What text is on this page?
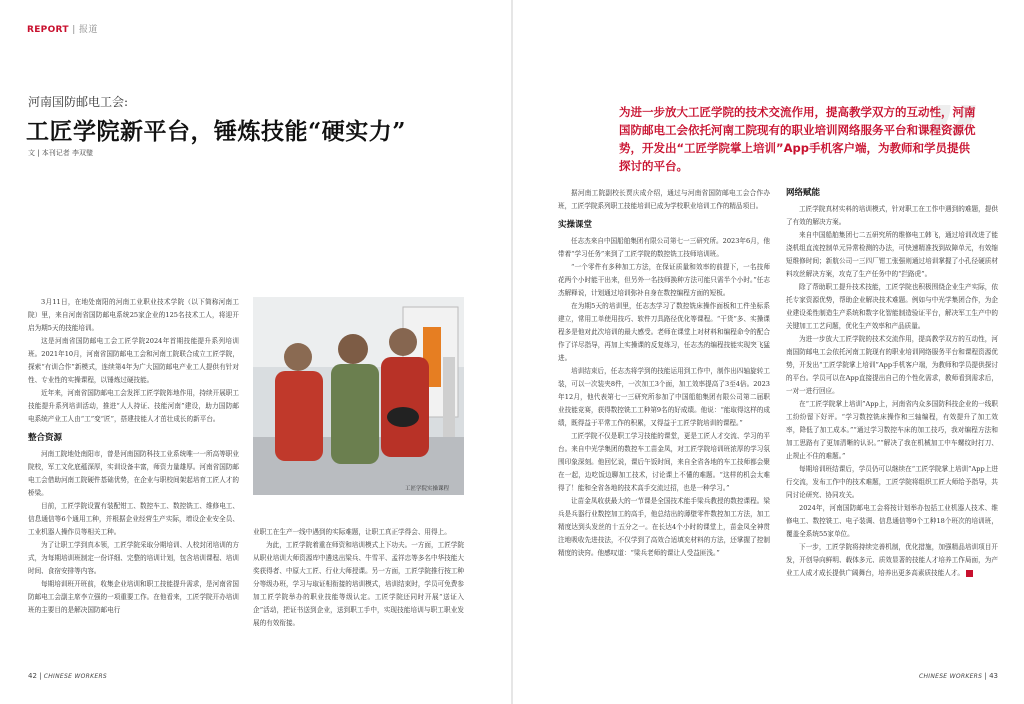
REPORT | 报道
河南国防邮电工会:
工匠学院新平台，锤炼技能“硬实力”
文 | 本刊记者 李双璧	”
为进一步放大工匠学院的技术交流作用，提高教学双方的互动性，河南国防邮电工会依托河南工院现有的职业培训网络服务平台和课程资源优势，开发出“工匠学院掌上培训”App手机客户端，为教师和学员提供探讨的平台。

3月11日，在地处南阳的河南工业职业技术学院（以下简称河南工院）里，来自河南省国防邮电系统25家企业的125名技术工人，将迎开启为期5天的技能培训。

这是河南省国防邮电工会工匠学院2024年首期技能提升系列培训班。2021年10月，河南省国防邮电工会和河南工院联合成立工匠学院，探索“有训合作”新模式，连续第4年为广大国防邮电产业工人提供有针对性、专业性的实操课程，以锤炼过硬技能。

近年来，河南省国防邮电工会发挥工匠学院阵地作用，持续开展职工技能提升系列培训活动，推进“人人持证、技能河南”建设，助力国防邮电系统产业工人由“工”变“匠”，搭建技能人才茁壮成长的新平台。

整合资源

河南工院地处南阳市，曾是河南国防科技工业系统唯一一所高等职业院校，军工文化底蕴深厚，实训设备丰富，师资力量雄厚。河南省国防邮电工会借助河南工院硬件基础优势，在企业与职校间架起培育工匠人才的桥梁。

目前，工匠学院设置有装配钳工、数控车工、数控铣工、维修电工、信息通信等6个通用工种，并根据企业经营生产实际，增设企业安全员、工业机器人操作员等相关工种。

为了让职工学到真本领，工匠学院采取分期培训、人校封闭培训的方式，为每期培训班制定一份详细、完整的培训计划，包含培训课程、培训时间、食宿安排等内容。

每期培训班开班前，收集企业培训和职工技能提升需求，是河南省国防邮电工会副主席李立强的一项重要工作。在他看来，工匠学院开办培训班的主要目的是解决国防邮电行

工匠学院实操课程

业职工在生产一线中遇到的实际难题，让职工真正学得会、用得上。

为此，工匠学院着重在师资和培训模式上下功夫。一方面，工匠学院从职业培训大师资源库中遴选出梁兵、牛雪平、孟祥忠等多名中华技能大奖获得者、中原大工匠、行业大师授课。另一方面，工匠学院推行按工种分等级办班，学习与取证相衔接的培训模式，培训结束时，学员可免费参加工匠学院举办的职业技能等级认定。工匠学院还同时开展“送证入企”活动，把证书送到企业，送到职工手中，实现技能培训与职工职业发展的有效衔接。

据河南工院副校长贾庆成介绍，通过与河南省国防邮电工会合作办班，工匠学院系列职工技能培训已成为学校职业培训工作的精品项目。

实操课堂

任志杰来自中国船舶集团有限公司第七一三研究所。2023年6月，他带着“学习任务”来到了工匠学院的数控铣工技师培训班。

“一个零件有多种加工方法，在保证质量和效率的前提下，一名技师花两个小时能干出来，但另外一名技师换种方法可能只需半个小时。”任志杰解释说，计划通过培训弥补自身在数控编程方面的短板。

在为期5天的培训里，任志杰学习了数控铣床操作面板和工件坐标系建立，常用工单使用技巧、软件刀具路径优化等课程。“干货”多、实操课程多是他对此次培训的最大感受。老师在课堂上对材料和编程命令的配合作了详尽指导，再加上实操课的反复练习，任志杰的编程技能实现突飞猛进。

培训结束后，任志杰将学到的技能运用到工作中，制作出四轴旋转工装，可以一次装夹8件，一次加工3个面，加工效率提高了3至4倍。2023年12月，他代表第七一三研究所参加了中国船舶集团有限公司第二届职业技能竞赛，获得数控铣工工种第9名的好成绩。他说：“能取得这样的成绩，既得益于平常工作的积累，又得益于工匠学院培训的课程。”

工匠学院不仅是职工学习技能的课堂，更是工匠人才交流、学习的平台。来自中光学集团的数控车工苗金凤，对工匠学院培训班浓厚的学习氛围印象深刻。他回忆说，课后午饭时间，来自全省各地的车工技师都会聚在一起，边吃饭边聊加工技术，讨论课上不懂的难题。“这样的机会太难得了！能和全省各地的技术高手交流过招，也是一种学习。”

让苗金凤收获最大的一节课是全国技术能手梁兵教授的数控课程。梁兵是兵器行业数控加工的高手，他总结出的薄壁零件数控加工方法，加工精度达到头发丝的十五分之一。在长达4个小时的课堂上，苗金凤全神贯注地吸收先进技法，不仅学到了高效合适填充材料的方法，还掌握了控制精度的诀窍。他感叹道：“梁兵老师的课让人受益匪浅。”

网络赋能

工匠学院真材实料的培训模式，针对职工在工作中遇到的难题，提供了有效的解决方案。

来自中国船舶集团七二五研究所的维修电工韩飞，通过培训改进了能浇机组直流控制单元异常检测的办法，可快速精准找到故障单元，有效缩短维修时间；新航公司一三四厂钳工张强则通过培训掌握了小孔径硬质材料攻丝解决方案，攻克了生产任务中的“拦路虎”。

除了帮助职工提升技术技能，工匠学院也积极围绕企业生产实际，依托专家资源优势，帮助企业解决技术难题。例如与中光学集团合作，为企业建设柔性制造生产系统和数字化智能制造验证平台，解决军工生产中的关键加工工艺问题，优化生产效率和产品质量。

为进一步放大工匠学院的技术交流作用，提高教学双方的互动性，河南国防邮电工会依托河南工院现有的职业培训网络服务平台和课程资源优势，开发出“工匠学院掌上培训”App手机客户端，为教师和学员提供探讨的平台。学员可以在App直接提出自己的个性化需求，教师看到需求后，一对一进行回应。

在“工匠学院掌上培训”App上，河南省内众多国防科技企业的一线职工纷纷留下好评。“学习数控铣床操作和三轴编程，有效提升了加工效率，降低了加工成本。”“通过学习数控车床的加工技巧，我对编程方法和加工思路有了更加清晰的认识。”“解决了我在机械加工中车螺纹时打刀、止规止不住的难题。”

每期培训班结课后，学员仍可以继续在“工匠学院掌上培训”App上进行交流，发布工作中的技术难题，工匠学院将组织工匠大师给予指导，共同讨论研究、协同攻关。

2024年，河南国防邮电工会将按计划举办包括工业机器人技术、维修电工、数控铣工、电子装调、信息通信等9个工种18个班次的培训班，覆盖全系统55家单位。

下一步，工匠学院将持续完善机制，优化措施，加强精品培训项目开发，开创导向鲜明、载体多元、质效显著的技能人才培养工作局面，为产业工人成才成长提供广阔舞台，培养出更多高素质技能人才。

42 | CHINESE WORKERS	CHINESE WORKERS | 43
